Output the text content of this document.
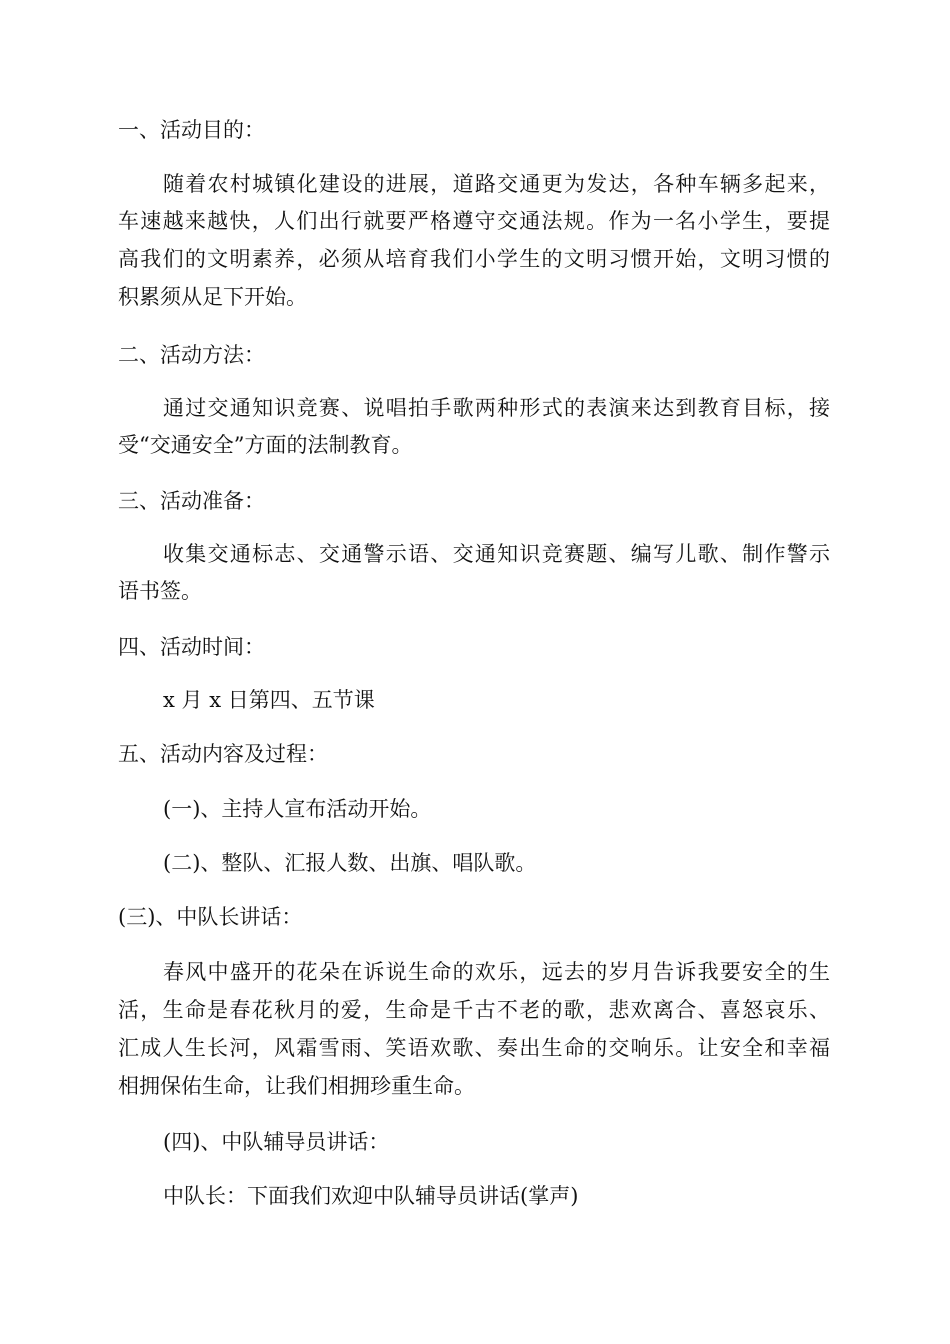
一、活动目的：
随着农村城镇化建设的进展，道路交通更为发达，各种车辆多起来，
车速越来越快，人们出行就要严格遵守交通法规。作为一名小学生，要提
高我们的文明素养，必须从培育我们小学生的文明习惯开始，文明习惯的
积累须从足下开始。
二、活动方法：
通过交通知识竞赛、说唱拍手歌两种形式的表演来达到教育目标，接
受“交通安全”方面的法制教育。
三、活动准备：
收集交通标志、交通警示语、交通知识竞赛题、编写儿歌、制作警示
语书签。
四、活动时间：
x 月 x 日第四、五节课
五、活动内容及过程：
(一)、主持人宣布活动开始。
(二)、整队、汇报人数、出旗、唱队歌。
(三)、中队长讲话：
春风中盛开的花朵在诉说生命的欢乐，远去的岁月告诉我要安全的生
活，生命是春花秋月的爱，生命是千古不老的歌，悲欢离合、喜怒哀乐、
汇成人生长河，风霜雪雨、笑语欢歌、奏出生命的交响乐。让安全和幸福
相拥保佑生命，让我们相拥珍重生命。
(四)、中队辅导员讲话：
中队长：下面我们欢迎中队辅导员讲话(掌声)
